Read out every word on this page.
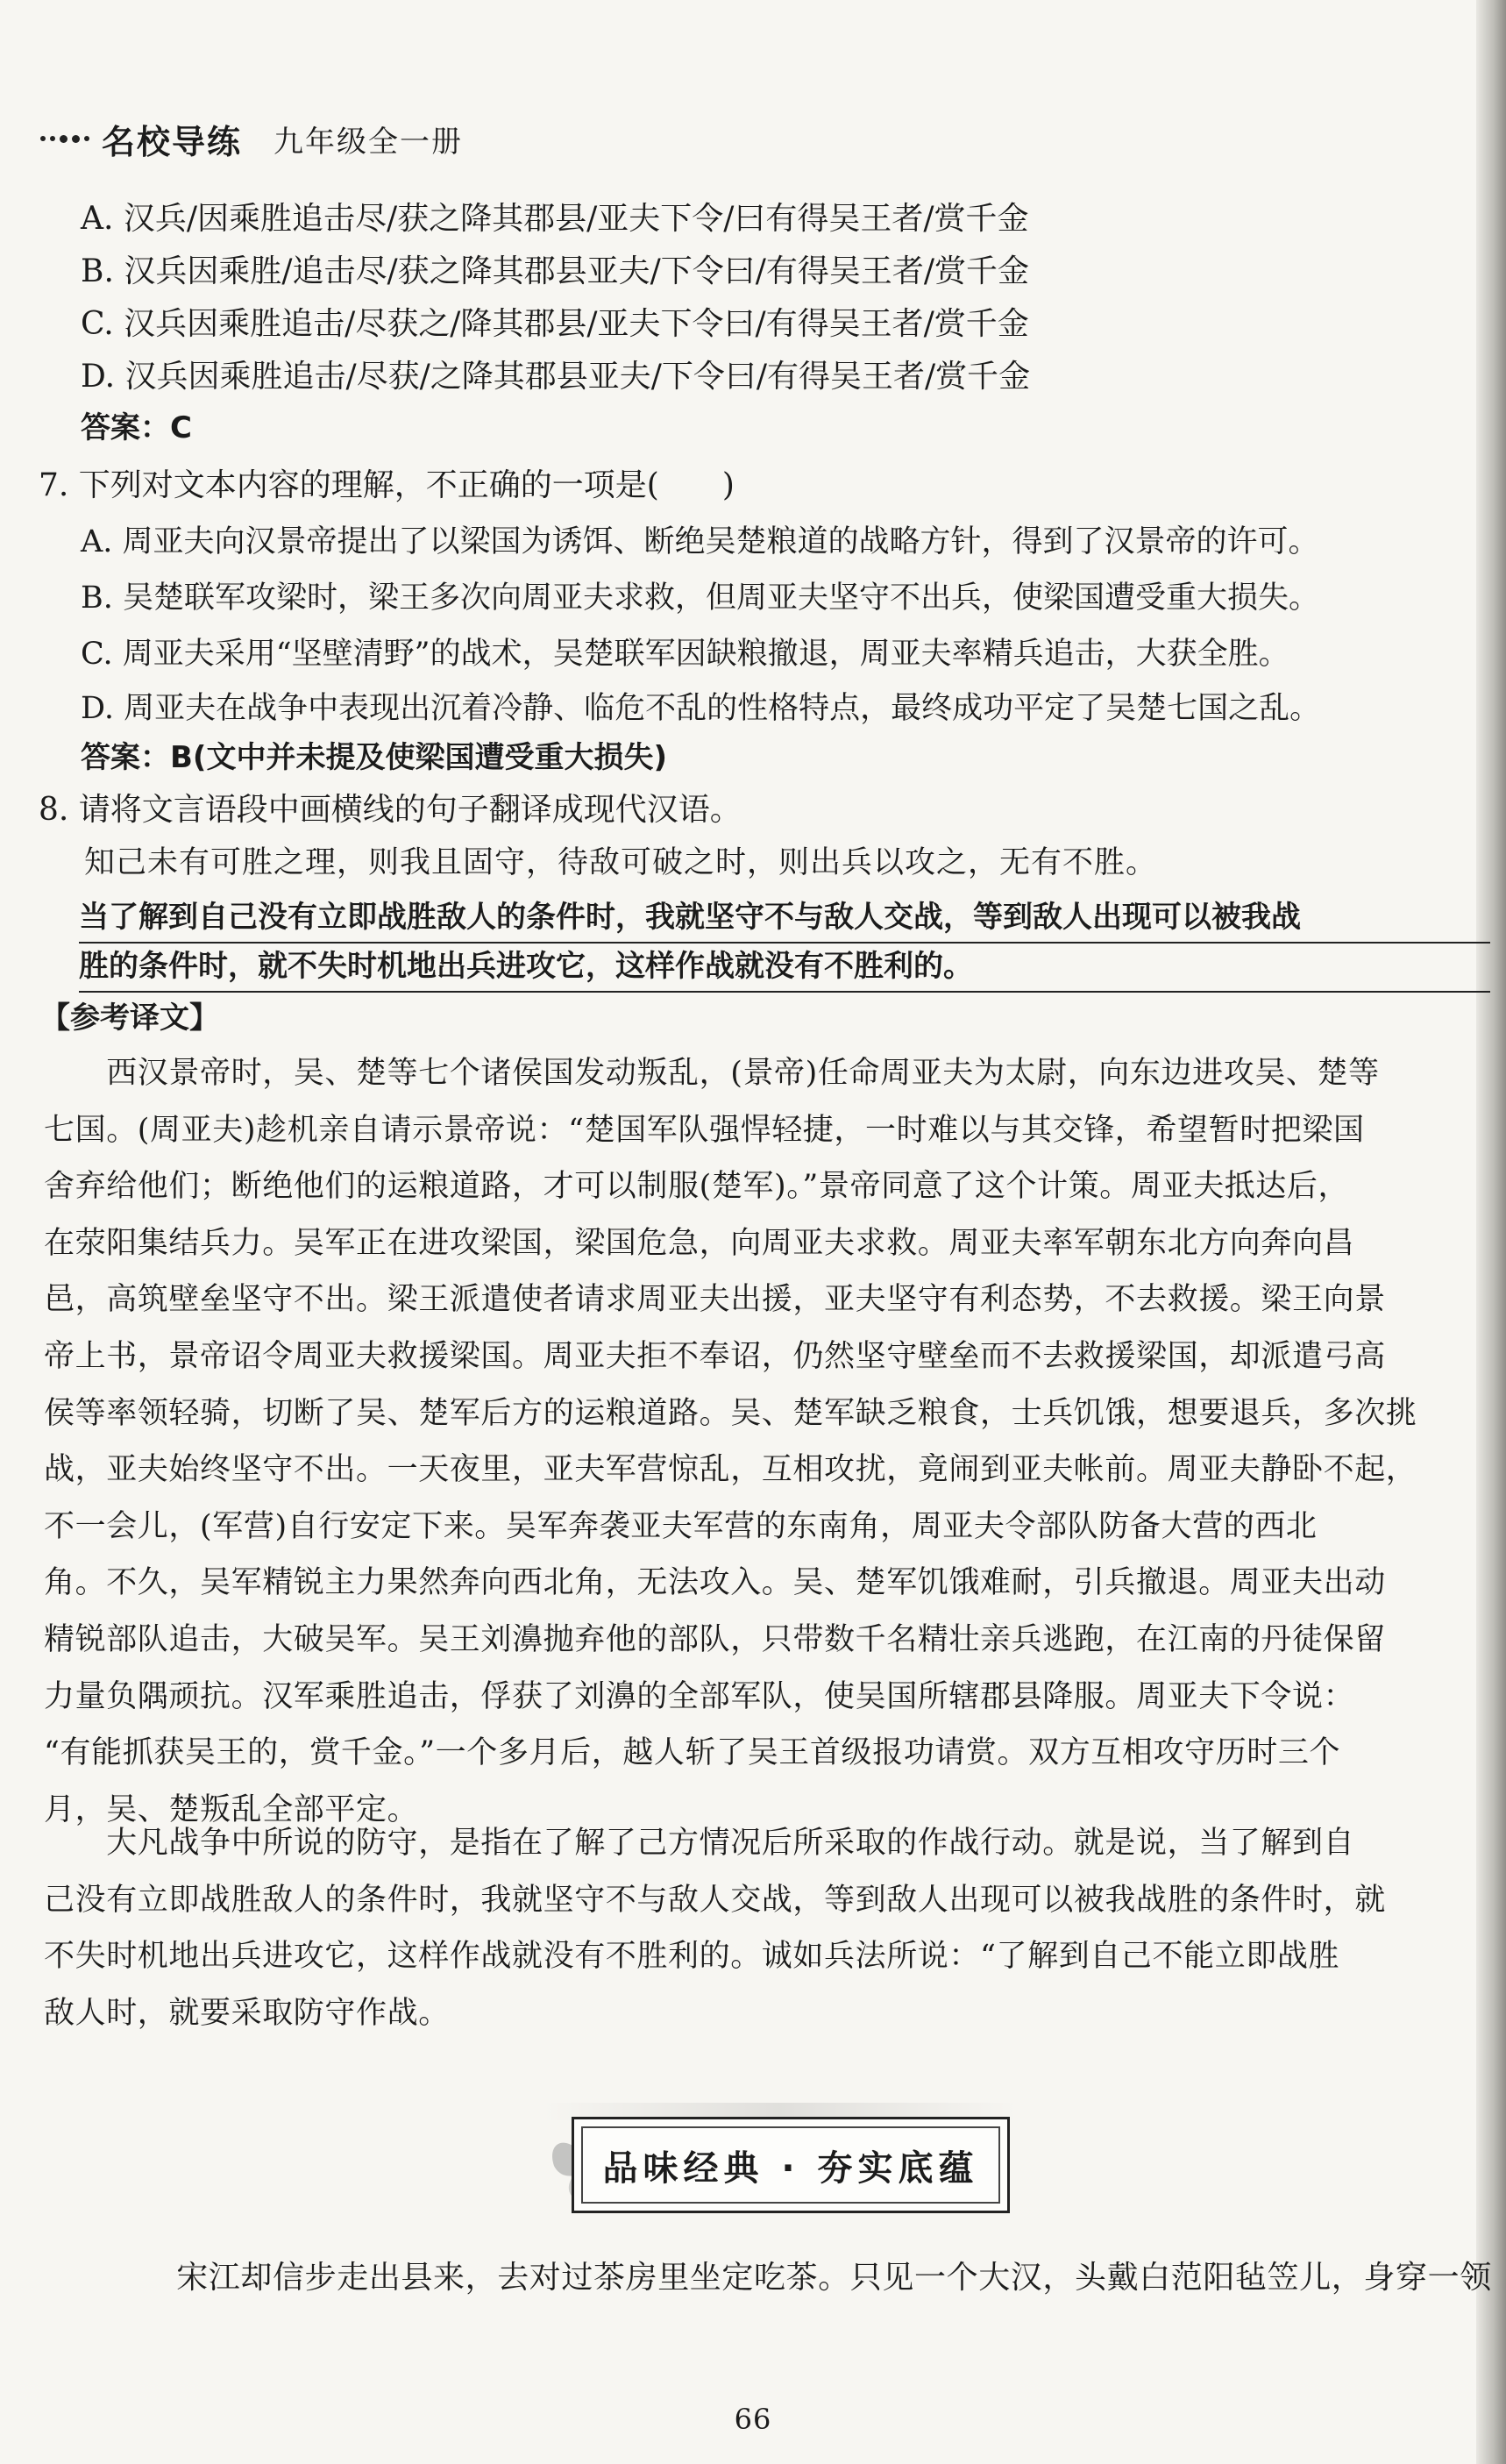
名校导练 九年级全一册
A. 汉兵/因乘胜追击尽/获之降其郡县/亚夫下令/曰有得吴王者/赏千金
B. 汉兵因乘胜/追击尽/获之降其郡县亚夫/下令曰/有得吴王者/赏千金
C. 汉兵因乘胜追击/尽获之/降其郡县/亚夫下令曰/有得吴王者/赏千金
D. 汉兵因乘胜追击/尽获/之降其郡县亚夫/下令曰/有得吴王者/赏千金
答案：C
7. 下列对文本内容的理解，不正确的一项是(　　)
A. 周亚夫向汉景帝提出了以梁国为诱饵、断绝吴楚粮道的战略方针，得到了汉景帝的许可。
B. 吴楚联军攻梁时，梁王多次向周亚夫求救，但周亚夫坚守不出兵，使梁国遭受重大损失。
C. 周亚夫采用“坚壁清野”的战术，吴楚联军因缺粮撤退，周亚夫率精兵追击，大获全胜。
D. 周亚夫在战争中表现出沉着冷静、临危不乱的性格特点，最终成功平定了吴楚七国之乱。
答案：B(文中并未提及使梁国遭受重大损失)
8. 请将文言语段中画横线的句子翻译成现代汉语。
知己未有可胜之理，则我且固守，待敌可破之时，则出兵以攻之，无有不胜。
当了解到自己没有立即战胜敌人的条件时，我就坚守不与敌人交战，等到敌人出现可以被我战
胜的条件时，就不失时机地出兵进攻它，这样作战就没有不胜利的。
【参考译文】

　　西汉景帝时，吴、楚等七个诸侯国发动叛乱，(景帝)任命周亚夫为太尉，向东边进攻吴、楚等

七国。(周亚夫)趁机亲自请示景帝说：“楚国军队强悍轻捷，一时难以与其交锋，希望暂时把梁国

舍弃给他们；断绝他们的运粮道路，才可以制服(楚军)。”景帝同意了这个计策。周亚夫抵达后，

在荥阳集结兵力。吴军正在进攻梁国，梁国危急，向周亚夫求救。周亚夫率军朝东北方向奔向昌

邑，高筑壁垒坚守不出。梁王派遣使者请求周亚夫出援，亚夫坚守有利态势，不去救援。梁王向景

帝上书，景帝诏令周亚夫救援梁国。周亚夫拒不奉诏，仍然坚守壁垒而不去救援梁国，却派遣弓高

侯等率领轻骑，切断了吴、楚军后方的运粮道路。吴、楚军缺乏粮食，士兵饥饿，想要退兵，多次挑

战，亚夫始终坚守不出。一天夜里，亚夫军营惊乱，互相攻扰，竟闹到亚夫帐前。周亚夫静卧不起，

不一会儿，(军营)自行安定下来。吴军奔袭亚夫军营的东南角，周亚夫令部队防备大营的西北

角。不久，吴军精锐主力果然奔向西北角，无法攻入。吴、楚军饥饿难耐，引兵撤退。周亚夫出动

精锐部队追击，大破吴军。吴王刘濞抛弃他的部队，只带数千名精壮亲兵逃跑，在江南的丹徒保留

力量负隅顽抗。汉军乘胜追击，俘获了刘濞的全部军队，使吴国所辖郡县降服。周亚夫下令说：

“有能抓获吴王的，赏千金。”一个多月后，越人斩了吴王首级报功请赏。双方互相攻守历时三个

月，吴、楚叛乱全部平定。

　　大凡战争中所说的防守，是指在了解了己方情况后所采取的作战行动。就是说，当了解到自

己没有立即战胜敌人的条件时，我就坚守不与敌人交战，等到敌人出现可以被我战胜的条件时，就

不失时机地出兵进攻它，这样作战就没有不胜利的。诚如兵法所说：“了解到自己不能立即战胜

敌人时，就要采取防守作战。

品味经典 · 夯实底蕴
　　宋江却信步走出县来，去对过茶房里坐定吃茶。只见一个大汉，头戴白范阳毡笠儿，身穿一领
66
